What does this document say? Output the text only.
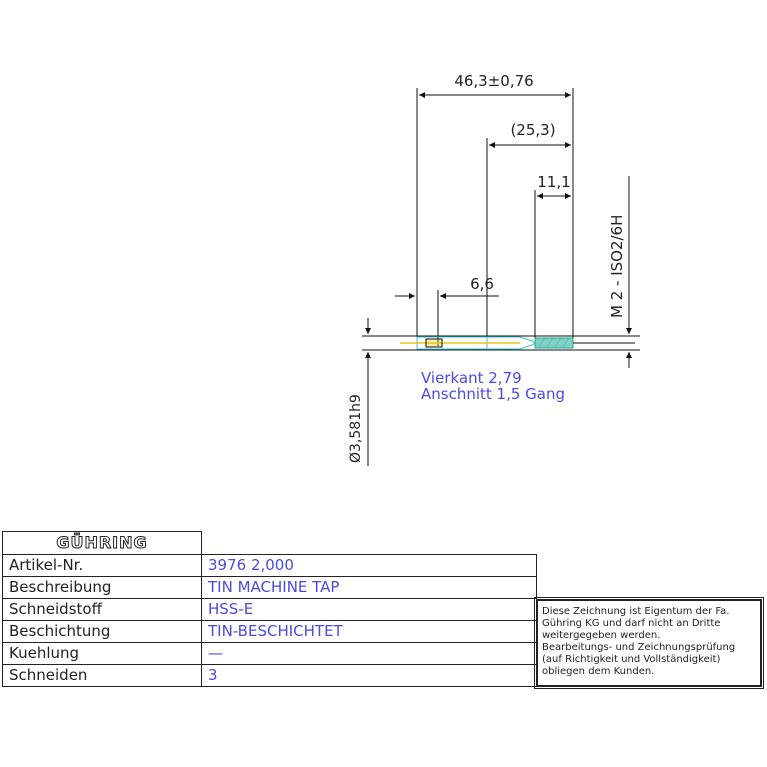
46,3±0,76
(25,3)
11,1
6,6	M 2 - ISO2/6H
Ø3,581h9
Vierkant 2,79
Anschnitt 1,5 Gang
GÜHRING	
Artikel-Nr.	3976 2,000
Beschreibung	TIN MACHINE TAP
Schneidstoff	HSS-E
Beschichtung	TIN-BESCHICHTET
Kuehlung	—
Schneiden	3
Diese Zeichnung ist Eigentum der Fa.
Gühring KG und darf nicht an Dritte
weitergegeben werden.
Bearbeitungs- und Zeichnungsprüfung
(auf Richtigkeit und Vollständigkeit)
obliegen dem Kunden.
